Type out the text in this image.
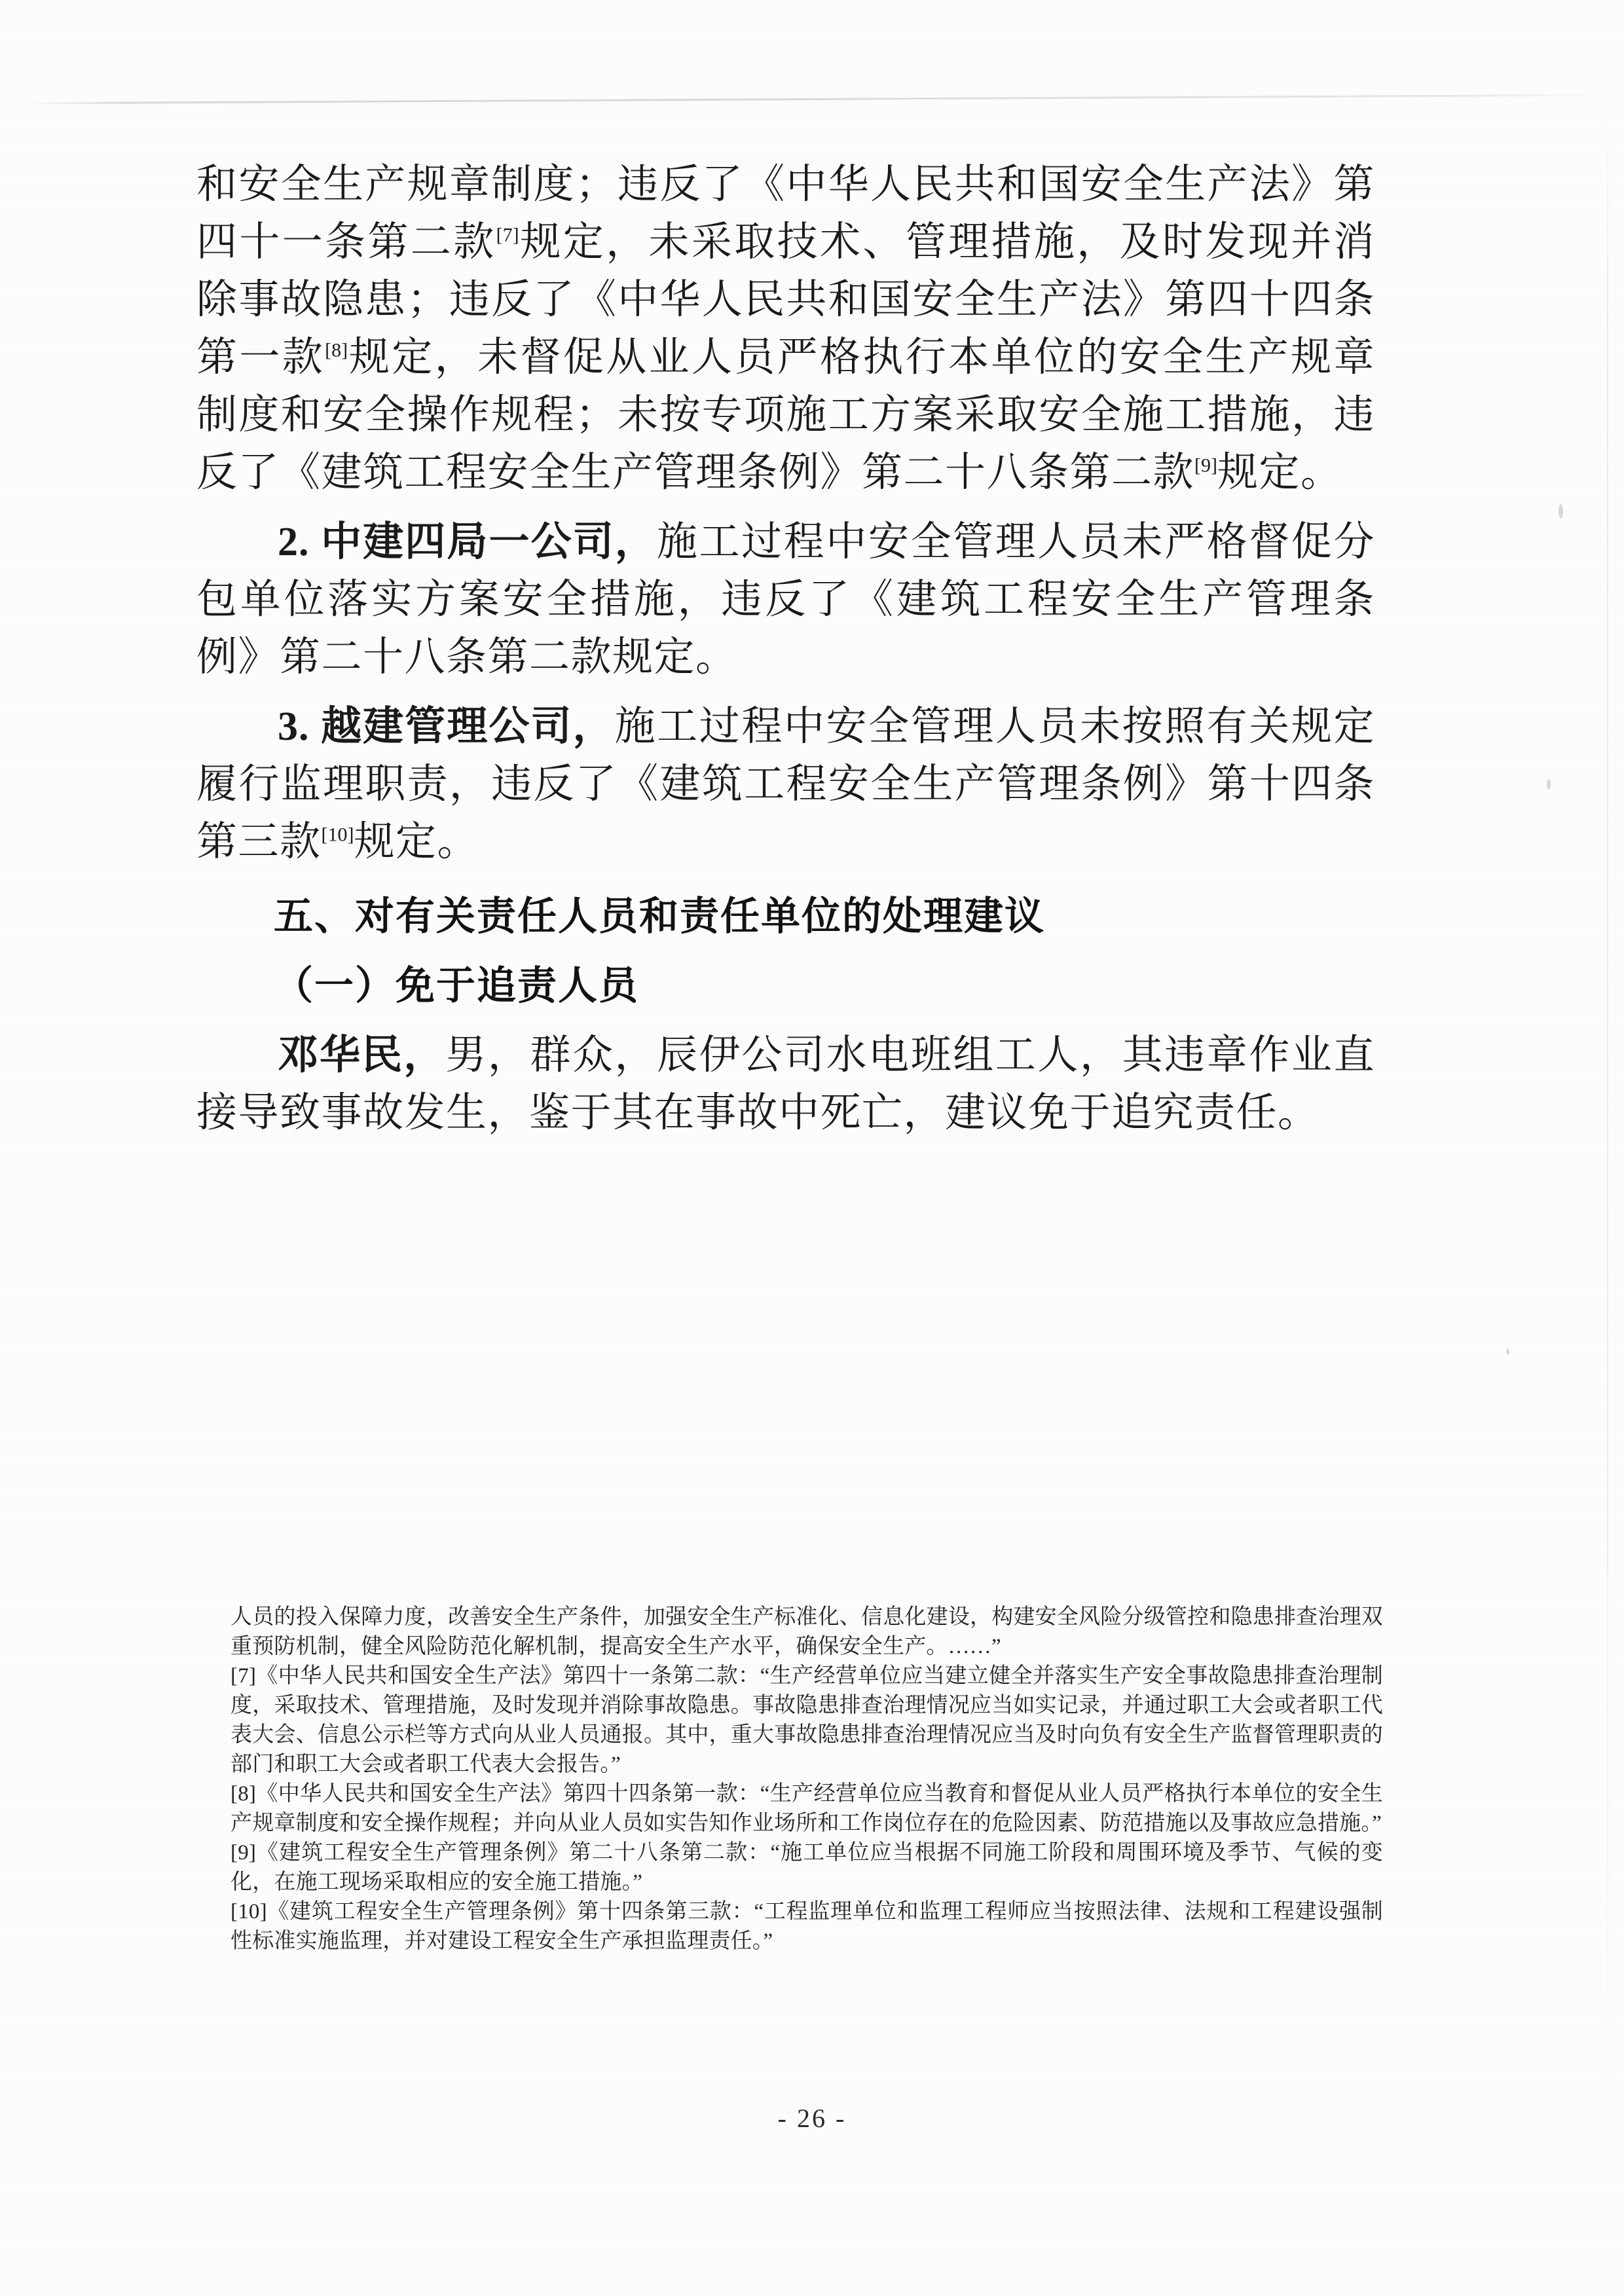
和安全生产规章制度；违反了《中华人民共和国安全生产法》第四十一条第二款[7]规定，未采取技术、管理措施，及时发现并消除事故隐患；违反了《中华人民共和国安全生产法》第四十四条第一款[8]规定，未督促从业人员严格执行本单位的安全生产规章制度和安全操作规程；未按专项施工方案采取安全施工措施，违反了《建筑工程安全生产管理条例》第二十八条第二款[9]规定。

2. 中建四局一公司，施工过程中安全管理人员未严格督促分包单位落实方案安全措施，违反了《建筑工程安全生产管理条例》第二十八条第二款规定。

3. 越建管理公司，施工过程中安全管理人员未按照有关规定履行监理职责，违反了《建筑工程安全生产管理条例》第十四条第三款[10]规定。

五、对有关责任人员和责任单位的处理建议

（一）免于追责人员

邓华民，男，群众，辰伊公司水电班组工人，其违章作业直接导致事故发生，鉴于其在事故中死亡，建议免于追究责任。

人员的投入保障力度，改善安全生产条件，加强安全生产标准化、信息化建设，构建安全风险分级管控和隐患排查治理双重预防机制，健全风险防范化解机制，提高安全生产水平，确保安全生产。……”

[7]《中华人民共和国安全生产法》第四十一条第二款：“生产经营单位应当建立健全并落实生产安全事故隐患排查治理制度，采取技术、管理措施，及时发现并消除事故隐患。事故隐患排查治理情况应当如实记录，并通过职工大会或者职工代表大会、信息公示栏等方式向从业人员通报。其中，重大事故隐患排查治理情况应当及时向负有安全生产监督管理职责的部门和职工大会或者职工代表大会报告。”

[8]《中华人民共和国安全生产法》第四十四条第一款：“生产经营单位应当教育和督促从业人员严格执行本单位的安全生产规章制度和安全操作规程；并向从业人员如实告知作业场所和工作岗位存在的危险因素、防范措施以及事故应急措施。”

[9]《建筑工程安全生产管理条例》第二十八条第二款：“施工单位应当根据不同施工阶段和周围环境及季节、气候的变化，在施工现场采取相应的安全施工措施。”

[10]《建筑工程安全生产管理条例》第十四条第三款：“工程监理单位和监理工程师应当按照法律、法规和工程建设强制性标准实施监理，并对建设工程安全生产承担监理责任。”

- 26 -
